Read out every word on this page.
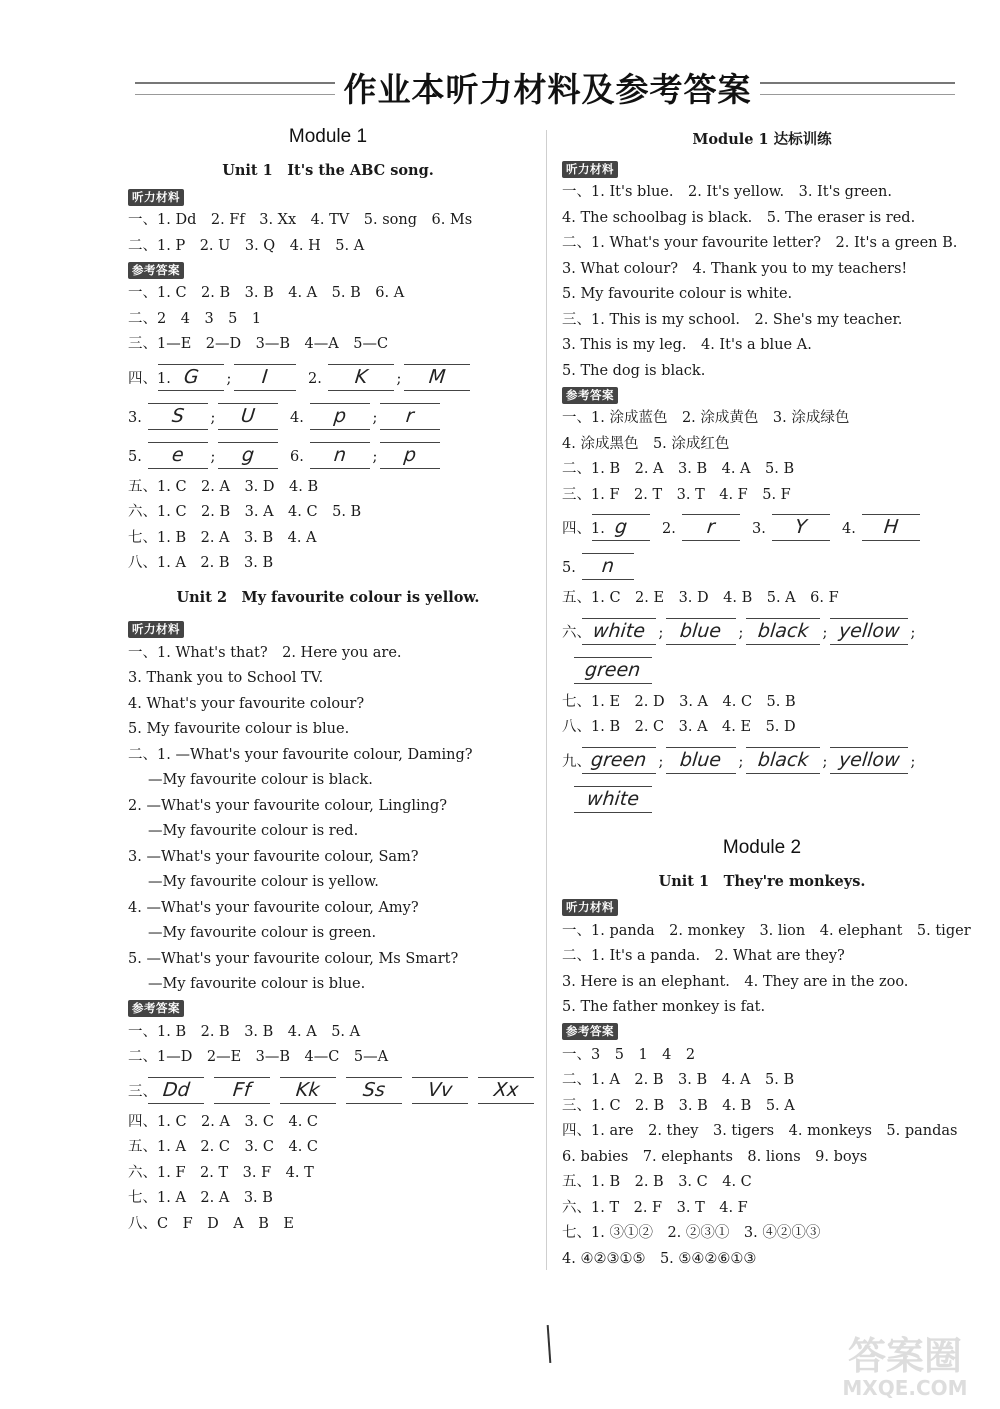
作业本听力材料及参考答案
Module 1
Unit 1　It's the ABC song.
听力材料
一、1. Dd　2. Ff　3. Xx　4. TV　5. song　6. Ms
二、1. P　2. U　3. Q　4. H　5. A
参考答案
一、1. C　2. B　3. B　4. A　5. B　6. A
二、2　4　3　5　1
三、1—E　2—D　3—B　4—A　5—C
四、1. G ; I	2. K ; M
3. S ; U 4. p ; r
5. e ; g 6. n ; p
五、1. C　2. A　3. D　4. B
六、1. C　2. B　3. A　4. C　5. B
七、1. B　2. A　3. B　4. A
八、1. A　2. B　3. B
Unit 2　My favourite colour is yellow.
听力材料
一、1. What's that?　2. Here you are.
3. Thank you to School TV.
4. What's your favourite colour?
5. My favourite colour is blue.
二、1. —What's your favourite colour, Daming?
—My favourite colour is black.
2. —What's your favourite colour, Lingling?
—My favourite colour is red.
3. —What's your favourite colour, Sam?
—My favourite colour is yellow.
4. —What's your favourite colour, Amy?
—My favourite colour is green.
5. —What's your favourite colour, Ms Smart?
—My favourite colour is blue.
参考答案
一、1. B　2. B　3. B　4. A　5. A
二、1—D　2—E　3—B　4—C　5—A
三、 Dd Ff Kk Ss Vv Xx
四、1. C　2. A　3. C　4. C
五、1. A　2. C　3. C　4. C
六、1. F　2. T　3. F　4. T
七、1. A　2. A　3. B
八、C　F　D　A　B　E
Module 1 达标训练
听力材料
一、1. It's blue.　2. It's yellow.　3. It's green.
4. The schoolbag is black.　5. The eraser is red.
二、1. What's your favourite letter?　2. It's a green B.
3. What colour?　4. Thank you to my teachers!
5. My favourite colour is white.
三、1. This is my school.　2. She's my teacher.
3. This is my leg.　4. It's a blue A.
5. The dog is black.
参考答案
一、1. 涂成蓝色　2. 涂成黄色　3. 涂成绿色
4. 涂成黑色　5. 涂成红色
二、1. B　2. A　3. B　4. A　5. B
三、1. F　2. T　3. T　4. F　5. F
四、1. g 2. r 3. Y 4. H
5. n
五、1. C　2. E　3. D　4. B　5. A　6. F
六、white ; blue ; black ; yellow ;
green
七、1. E　2. D　3. A　4. C　5. B
八、1. B　2. C　3. A　4. E　5. D
九、green ; blue ; black ; yellow ;
white
Module 2
Unit 1　They're monkeys.
听力材料
一、1. panda　2. monkey　3. lion　4. elephant　5. tiger
二、1. It's a panda.　2. What are they?
3. Here is an elephant.　4. They are in the zoo.
5. The father monkey is fat.
参考答案
一、3　5　1　4　2
二、1. A　2. B　3. B　4. A　5. B
三、1. C　2. B　3. B　4. B　5. A
四、1. are　2. they　3. tigers　4. monkeys　5. pandas
6. babies　7. elephants　8. lions　9. boys
五、1. B　2. B　3. C　4. C
六、1. T　2. F　3. T　4. F
七、1. ③①②　2. ②③①　3. ④②①③
4. ④②③①⑤　5. ⑤④②⑥①③
答案圈
MXQE.COM
